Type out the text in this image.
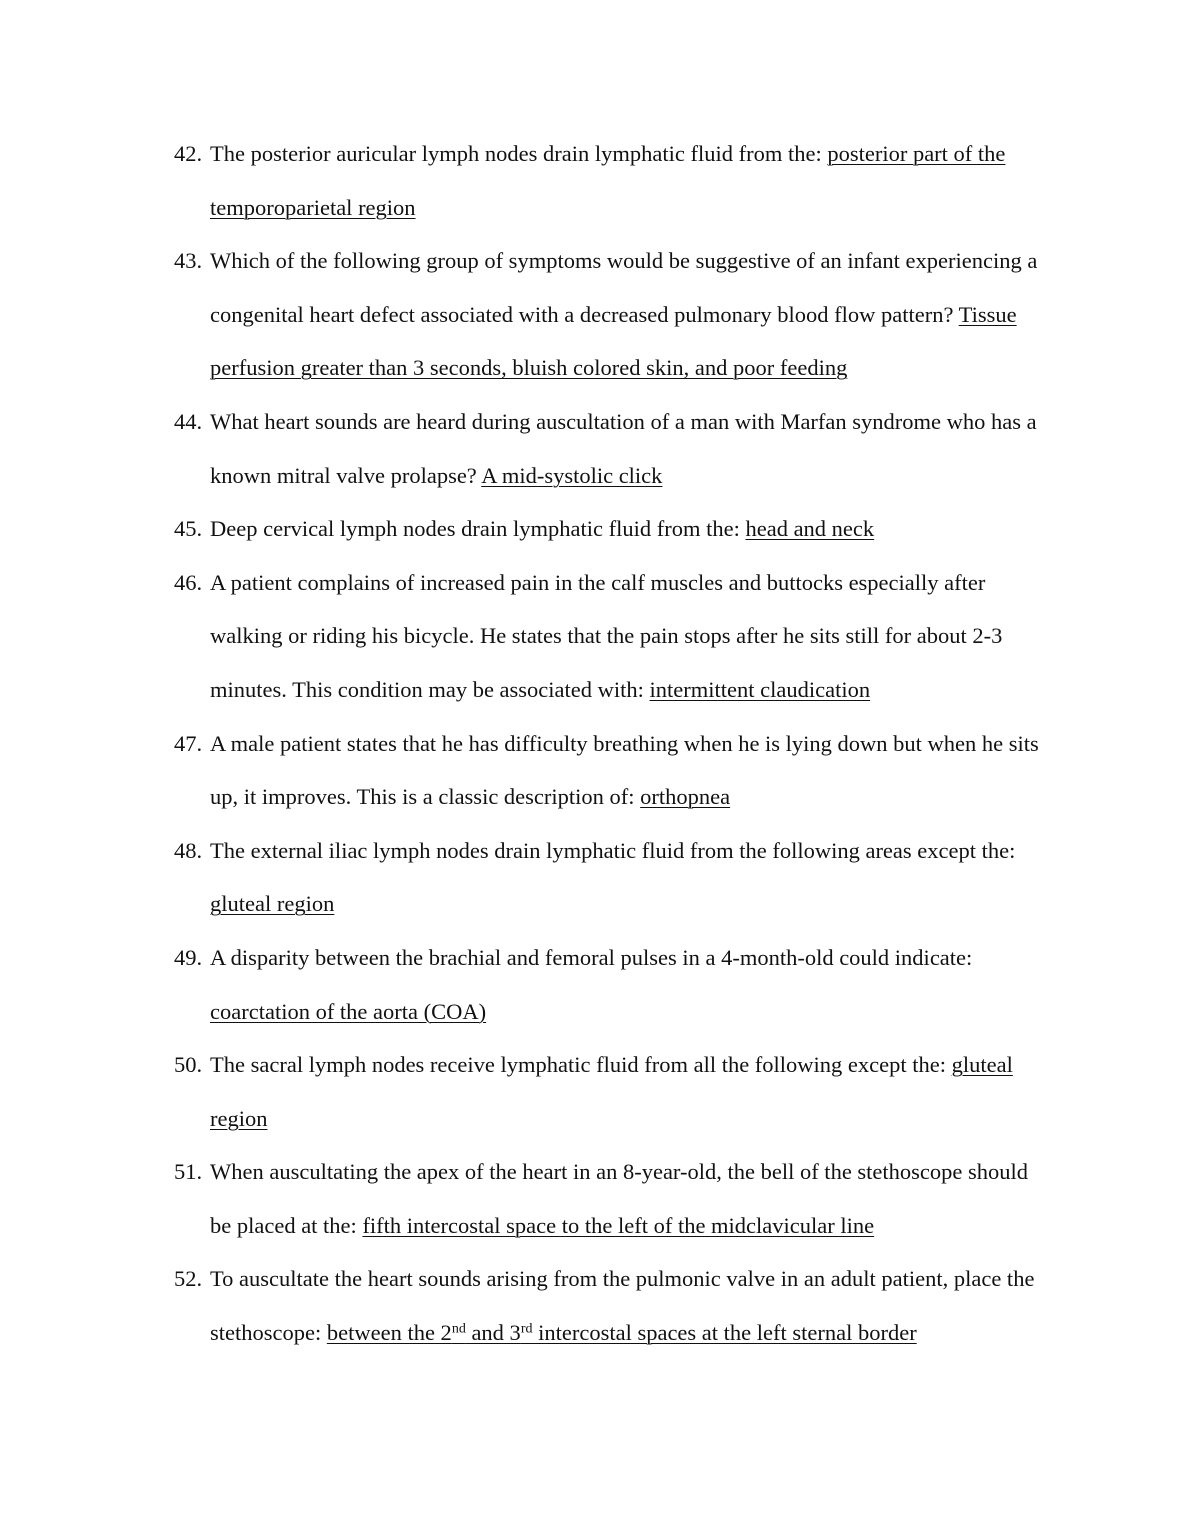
42. The posterior auricular lymph nodes drain lymphatic fluid from the: posterior part of the temporoparietal region
43. Which of the following group of symptoms would be suggestive of an infant experiencing a congenital heart defect associated with a decreased pulmonary blood flow pattern? Tissue perfusion greater than 3 seconds, bluish colored skin, and poor feeding
44. What heart sounds are heard during auscultation of a man with Marfan syndrome who has a known mitral valve prolapse? A mid-systolic click
45. Deep cervical lymph nodes drain lymphatic fluid from the: head and neck
46. A patient complains of increased pain in the calf muscles and buttocks especially after walking or riding his bicycle. He states that the pain stops after he sits still for about 2-3 minutes. This condition may be associated with: intermittent claudication
47. A male patient states that he has difficulty breathing when he is lying down but when he sits up, it improves. This is a classic description of: orthopnea
48. The external iliac lymph nodes drain lymphatic fluid from the following areas except the: gluteal region
49. A disparity between the brachial and femoral pulses in a 4-month-old could indicate: coarctation of the aorta (COA)
50. The sacral lymph nodes receive lymphatic fluid from all the following except the: gluteal region
51. When auscultating the apex of the heart in an 8-year-old, the bell of the stethoscope should be placed at the: fifth intercostal space to the left of the midclavicular line
52. To auscultate the heart sounds arising from the pulmonic valve in an adult patient, place the stethoscope: between the 2nd and 3rd intercostal spaces at the left sternal border
